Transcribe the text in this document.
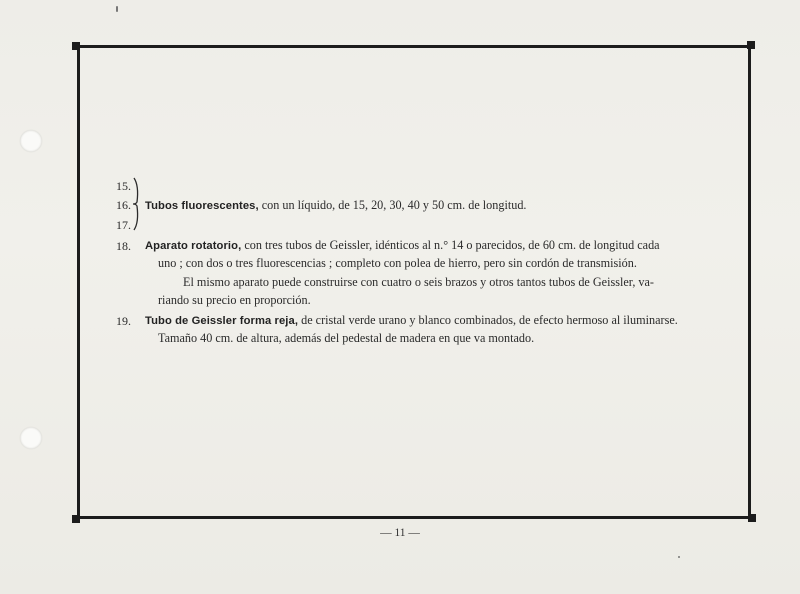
15.
16.
17.
Tubos fluorescentes, con un líquido, de 15, 20, 30, 40 y 50 cm. de longitud.
18. Aparato rotatorio, con tres tubos de Geissler, idénticos al n.° 14 o parecidos, de 60 cm. de longitud cada
uno ; con dos o tres fluorescencias ; completo con polea de hierro, pero sin cordón de transmisión.
El mismo aparato puede construirse con cuatro o seis brazos y otros tantos tubos de Geissler, va-
riando su precio en proporción.
19. Tubo de Geissler forma reja, de cristal verde urano y blanco combinados, de efecto hermoso al iluminarse.
Tamaño 40 cm. de altura, además del pedestal de madera en que va montado.
— 11 —
